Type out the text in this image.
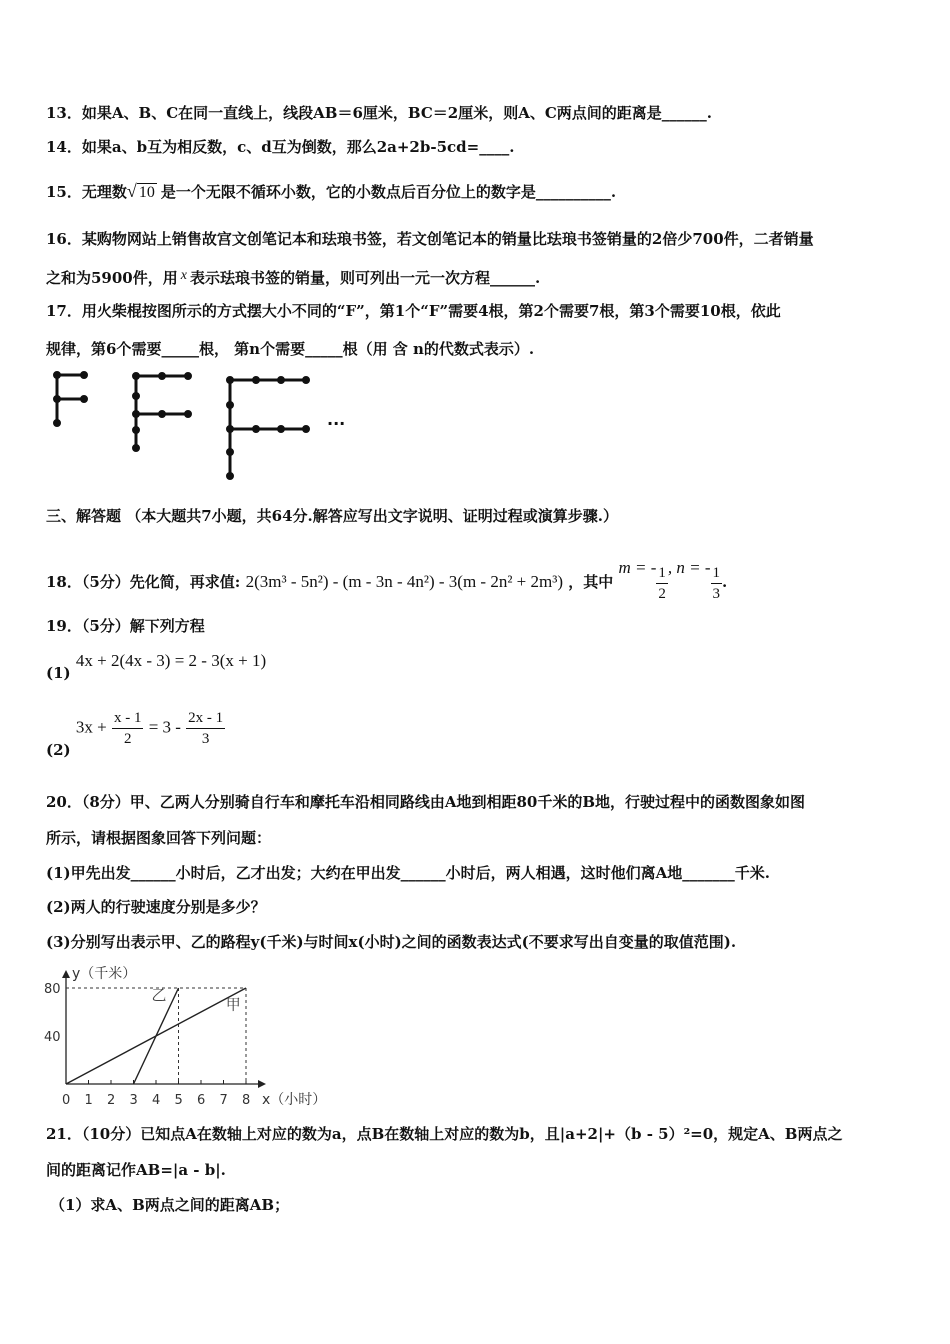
13．如果A、B、C在同一直线上，线段AB＝6厘米，BC＝2厘米，则A、C两点间的距离是______.
14．如果a、b互为相反数，c、d互为倒数，那么2a+2b-5cd=____.
15．无理数 √ 10 是一个无限不循环小数，它的小数点后百分位上的数字是__________.
16．某购物网站上销售故宫文创笔记本和珐琅书签，若文创笔记本的销量比珐琅书签销量的2倍少700件，二者销量
之和为5900件，用 x 表示珐琅书签的销量，则可列出一元一次方程______.
17．用火柴棍按图所示的方式摆大小不同的“F”，第1个“F”需要4根，第2个需要7根，第3个需要10根，依此
规律，第6个需要_____根， 第n个需要_____根（用 含 n的代数式表示）.
...
三、解答题 （本大题共7小题，共64分.解答应写出文字说明、证明过程或演算步骤.）
18．（5分）先化简，再求值: 2(3m³ - 5n²) - (m - 3n - 4n²) - 3(m - 2n² + 2m³) ，其中 m = - $\frac{1}{2}$ , n = - $\frac{1}{3}$ .
19．（5分）解下列方程
(1) 4x + 2(4x - 3) = 2 - 3(x + 1)
(2) $3x + \frac{x - 1}{2} = 3 - \frac{2x - 1}{3}$
20．（8分）甲、乙两人分别骑自行车和摩托车沿相同路线由A地到相距80千米的B地，行驶过程中的函数图象如图
所示，请根据图象回答下列问题：
(1)甲先出发______小时后，乙才出发；大约在甲出发______小时后，两人相遇，这时他们离A地_______千米.
(2)两人的行驶速度分别是多少？
(3)分别写出表示甲、乙的路程y(千米)与时间x(小时)之间的函数表达式(不要求写出自变量的取值范围).
y（千米）
x（小时）
0 1 2 3 4 5 6 7 8
40
80
甲
乙
21．（10分）已知点A在数轴上对应的数为a，点B在数轴上对应的数为b，且|a+2|+（b - 5）²=0，规定A、B两点之
间的距离记作AB=|a - b|.
（1）求A、B两点之间的距离AB；
